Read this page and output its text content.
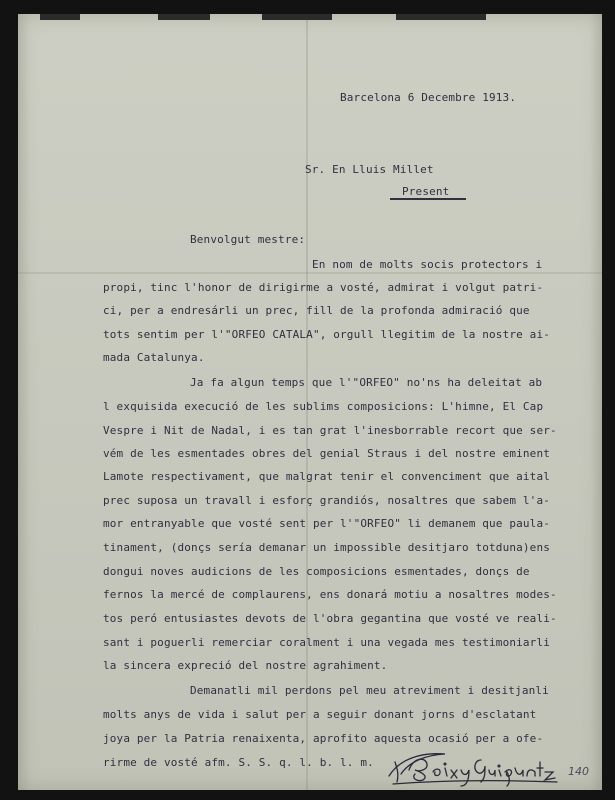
Barcelona 6 Decembre 1913.
Sr. En Lluis Millet
Present
Benvolgut mestre:
En nom de molts socis protectors i
propi, tinc l'honor de dirigirme a vosté, admirat i volgut patri-
ci, per a endresárli un prec, fill de la profonda admiració que
tots sentim per l'"ORFEO CATALA", orgull llegitim de la nostre ai-
mada Catalunya.
Ja fa algun temps que l'"ORFEO" no'ns ha deleitat ab
l exquisida execució de les sublims composicions: L'himne, El Cap
Vespre i Nit de Nadal, i es tan grat l'inesborrable recort que ser-
vém de les esmentades obres del genial Straus i del nostre eminent
Lamote respectivament, que malgrat tenir el convenciment que aital
prec suposa un travall i esforç grandiós, nosaltres que sabem l'a-
mor entranyable que vosté sent per l'"ORFEO" li demanem que paula-
tinament, (donçs sería demanar un impossible desitjaro totduna)ens
dongui noves audicions de les composicions esmentades, donçs de
fernos la mercé de complaurens, ens donará motiu a nosaltres modes-
tos peró entusiastes devots de l'obra gegantina que vosté ve reali-
sant i poguerli remerciar coralment i una vegada mes testimoniarli
la sincera expreció del nostre agrahiment.
Demanatli mil perdons pel meu atreviment i desitjanli
molts anys de vida i salut per a seguir donant jorns d'esclatant
joya per la Patria renaixenta, aprofito aquesta ocasió per a ofe-
rirme de vosté afm. S. S. q. l. b. l. m.
140
